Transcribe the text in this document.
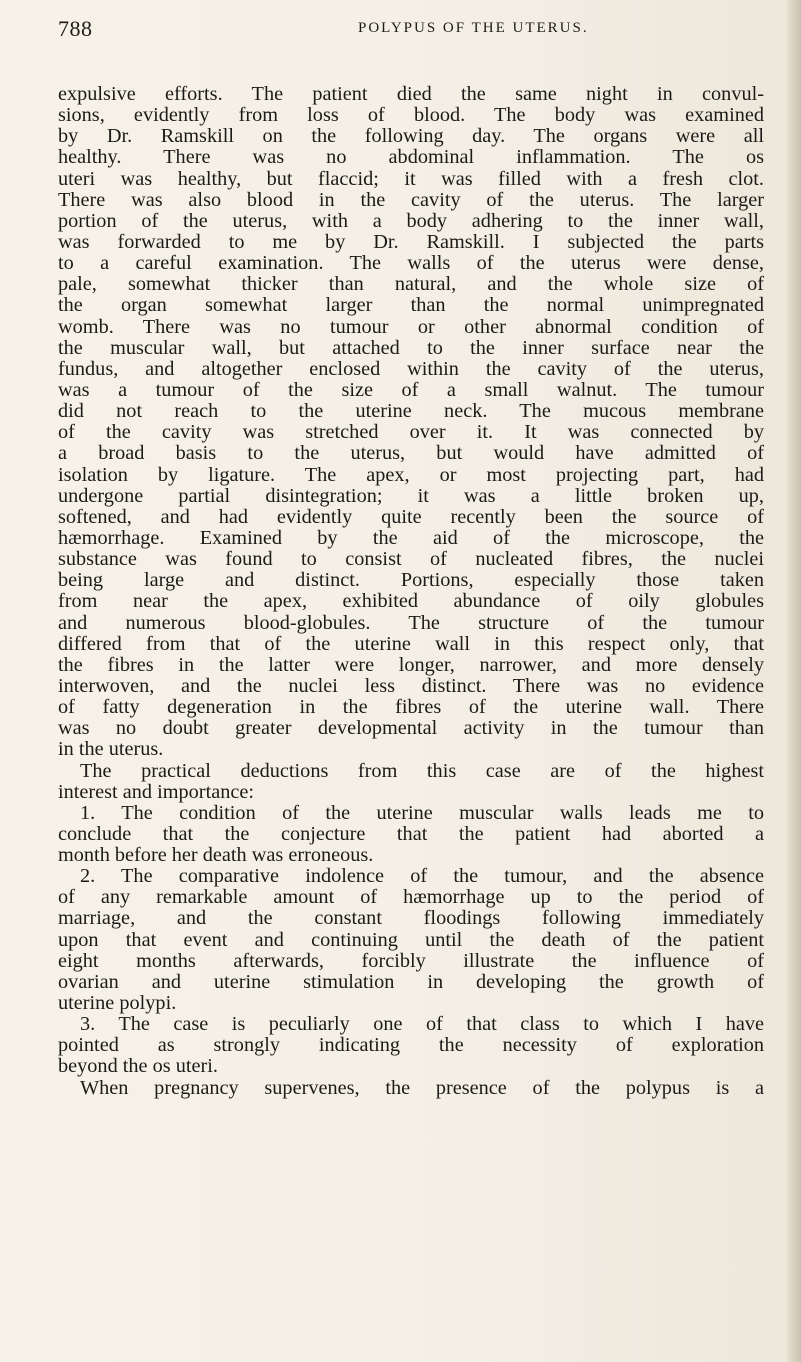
788	POLYPUS OF THE UTERUS.
expulsive efforts. The patient died the same night in convul-
sions, evidently from loss of blood. The body was examined
by Dr. Ramskill on the following day. The organs were all
healthy. There was no abdominal inflammation. The os
uteri was healthy, but flaccid; it was filled with a fresh clot.
There was also blood in the cavity of the uterus. The larger
portion of the uterus, with a body adhering to the inner wall,
was forwarded to me by Dr. Ramskill. I subjected the parts
to a careful examination. The walls of the uterus were dense,
pale, somewhat thicker than natural, and the whole size of
the organ somewhat larger than the normal unimpregnated
womb. There was no tumour or other abnormal condition of
the muscular wall, but attached to the inner surface near the
fundus, and altogether enclosed within the cavity of the uterus,
was a tumour of the size of a small walnut. The tumour
did not reach to the uterine neck. The mucous membrane
of the cavity was stretched over it. It was connected by
a broad basis to the uterus, but would have admitted of
isolation by ligature. The apex, or most projecting part, had
undergone partial disintegration; it was a little broken up,
softened, and had evidently quite recently been the source of
hæmorrhage. Examined by the aid of the microscope, the
substance was found to consist of nucleated fibres, the nuclei
being large and distinct. Portions, especially those taken
from near the apex, exhibited abundance of oily globules
and numerous blood-globules. The structure of the tumour
differed from that of the uterine wall in this respect only, that
the fibres in the latter were longer, narrower, and more densely
interwoven, and the nuclei less distinct. There was no evidence
of fatty degeneration in the fibres of the uterine wall. There
was no doubt greater developmental activity in the tumour than
in the uterus.
The practical deductions from this case are of the highest
interest and importance:
1. The condition of the uterine muscular walls leads me to
conclude that the conjecture that the patient had aborted a
month before her death was erroneous.
2. The comparative indolence of the tumour, and the absence
of any remarkable amount of hæmorrhage up to the period of
marriage, and the constant floodings following immediately
upon that event and continuing until the death of the patient
eight months afterwards, forcibly illustrate the influence of
ovarian and uterine stimulation in developing the growth of
uterine polypi.
3. The case is peculiarly one of that class to which I have
pointed as strongly indicating the necessity of exploration
beyond the os uteri.
When pregnancy supervenes, the presence of the polypus is a
